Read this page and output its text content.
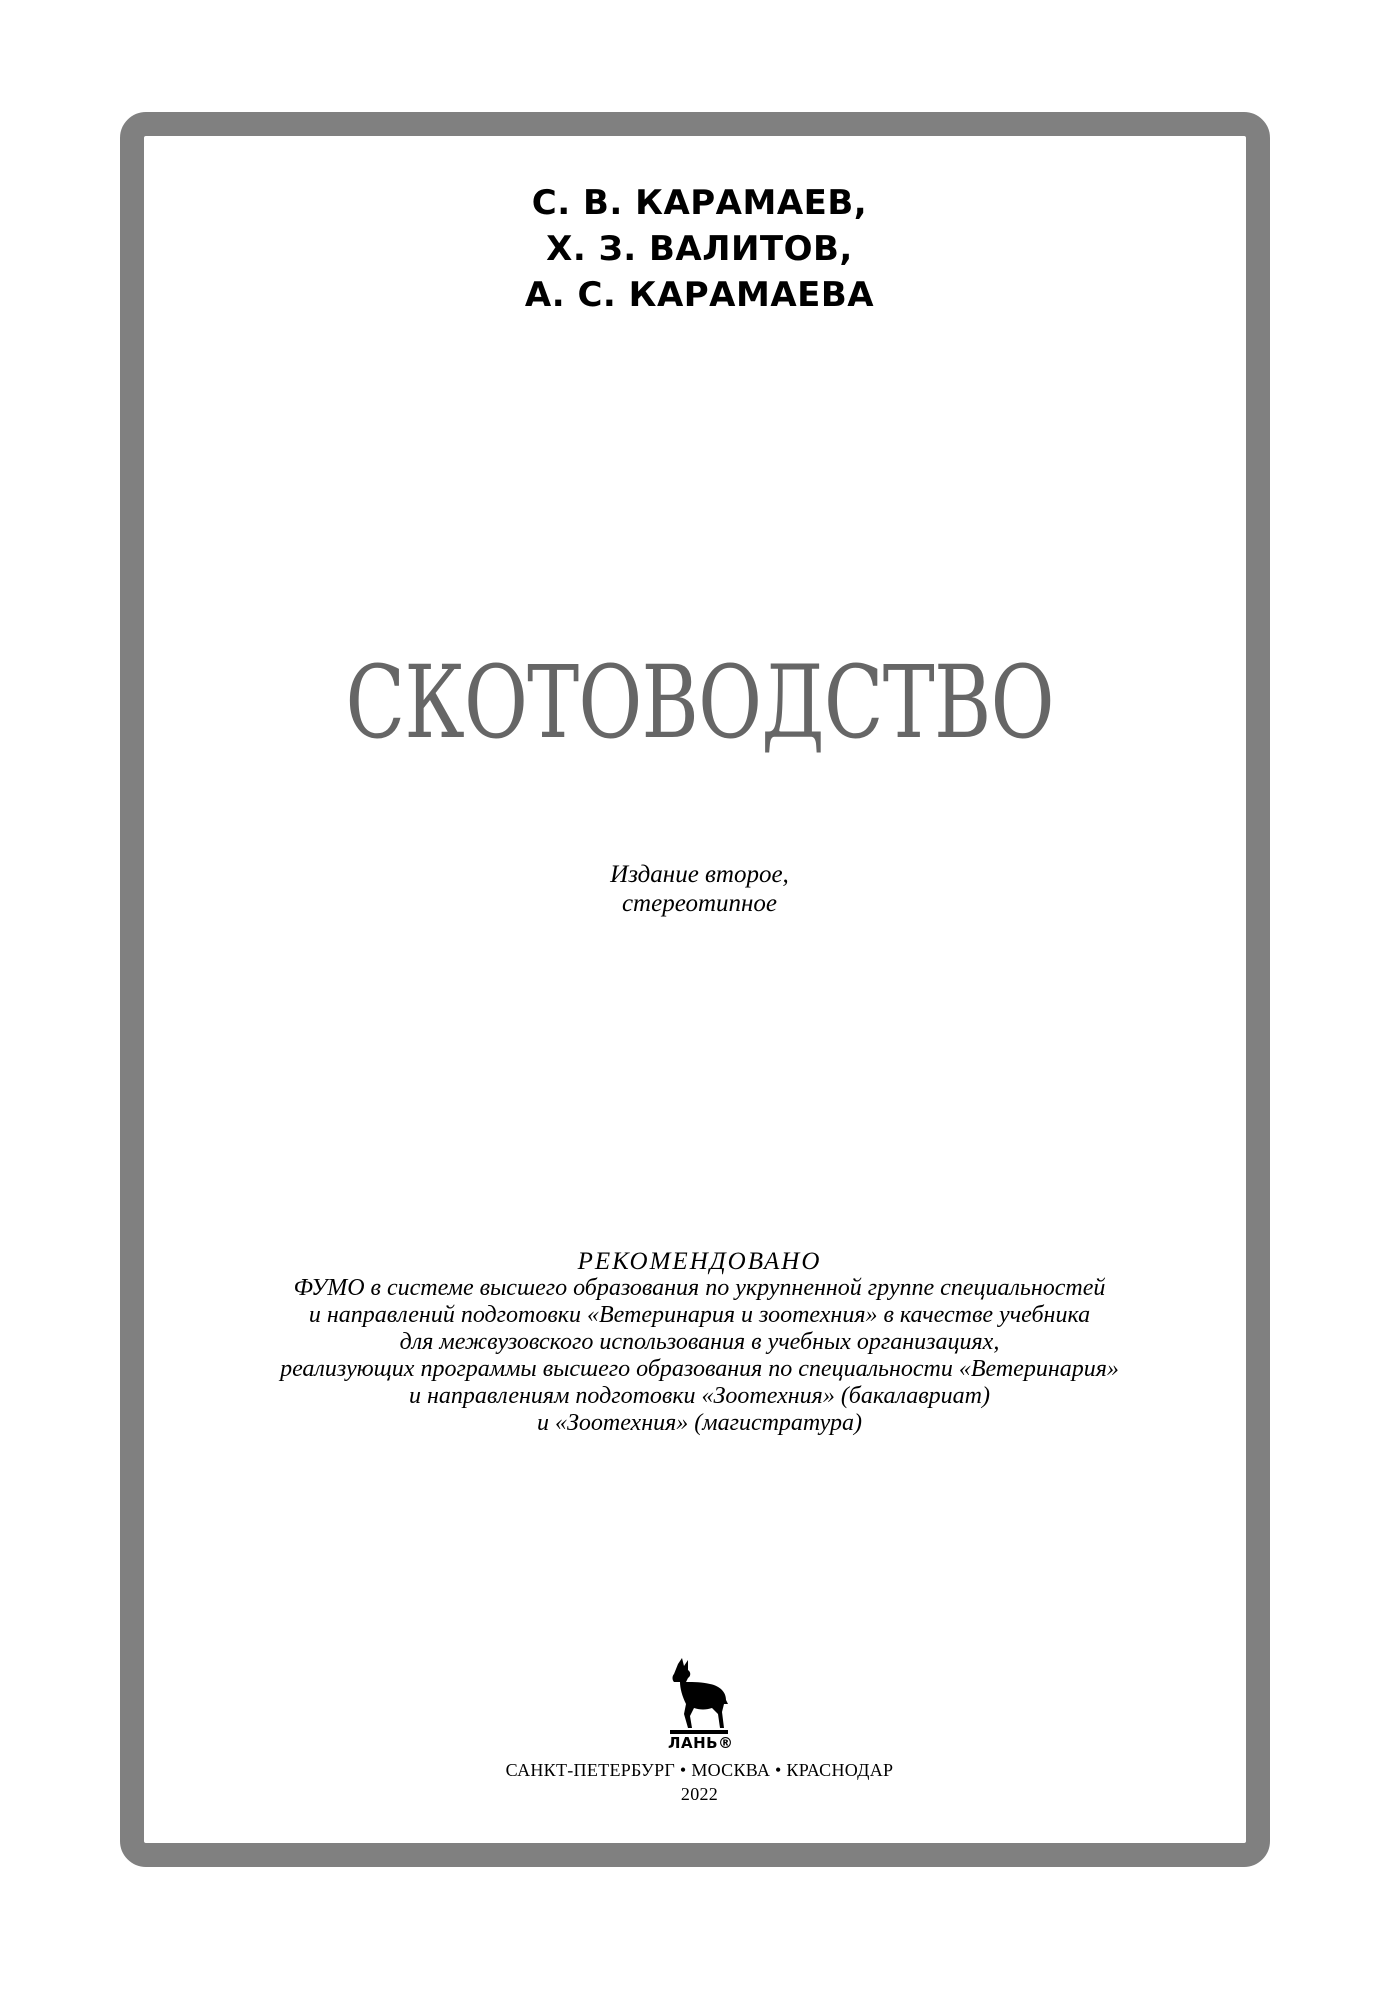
С. В. КАРАМАЕВ,
Х. З. ВАЛИТОВ,
А. С. КАРАМАЕВА
СКОТОВОДСТВО
Издание второе,
стереотипное
РЕКОМЕНДОВАНО
ФУМО в системе высшего образования по укрупненной группе специальностей
и направлений подготовки «Ветеринария и зоотехния» в качестве учебника
для межвузовского использования в учебных организациях,
реализующих программы высшего образования по специальности «Ветеринария»
и направлениям подготовки «Зоотехния» (бакалавриат)
и «Зоотехния» (магистратура)
ЛАНЬ®
САНКТ-ПЕТЕРБУРГ • МОСКВА • КРАСНОДАР
2022
